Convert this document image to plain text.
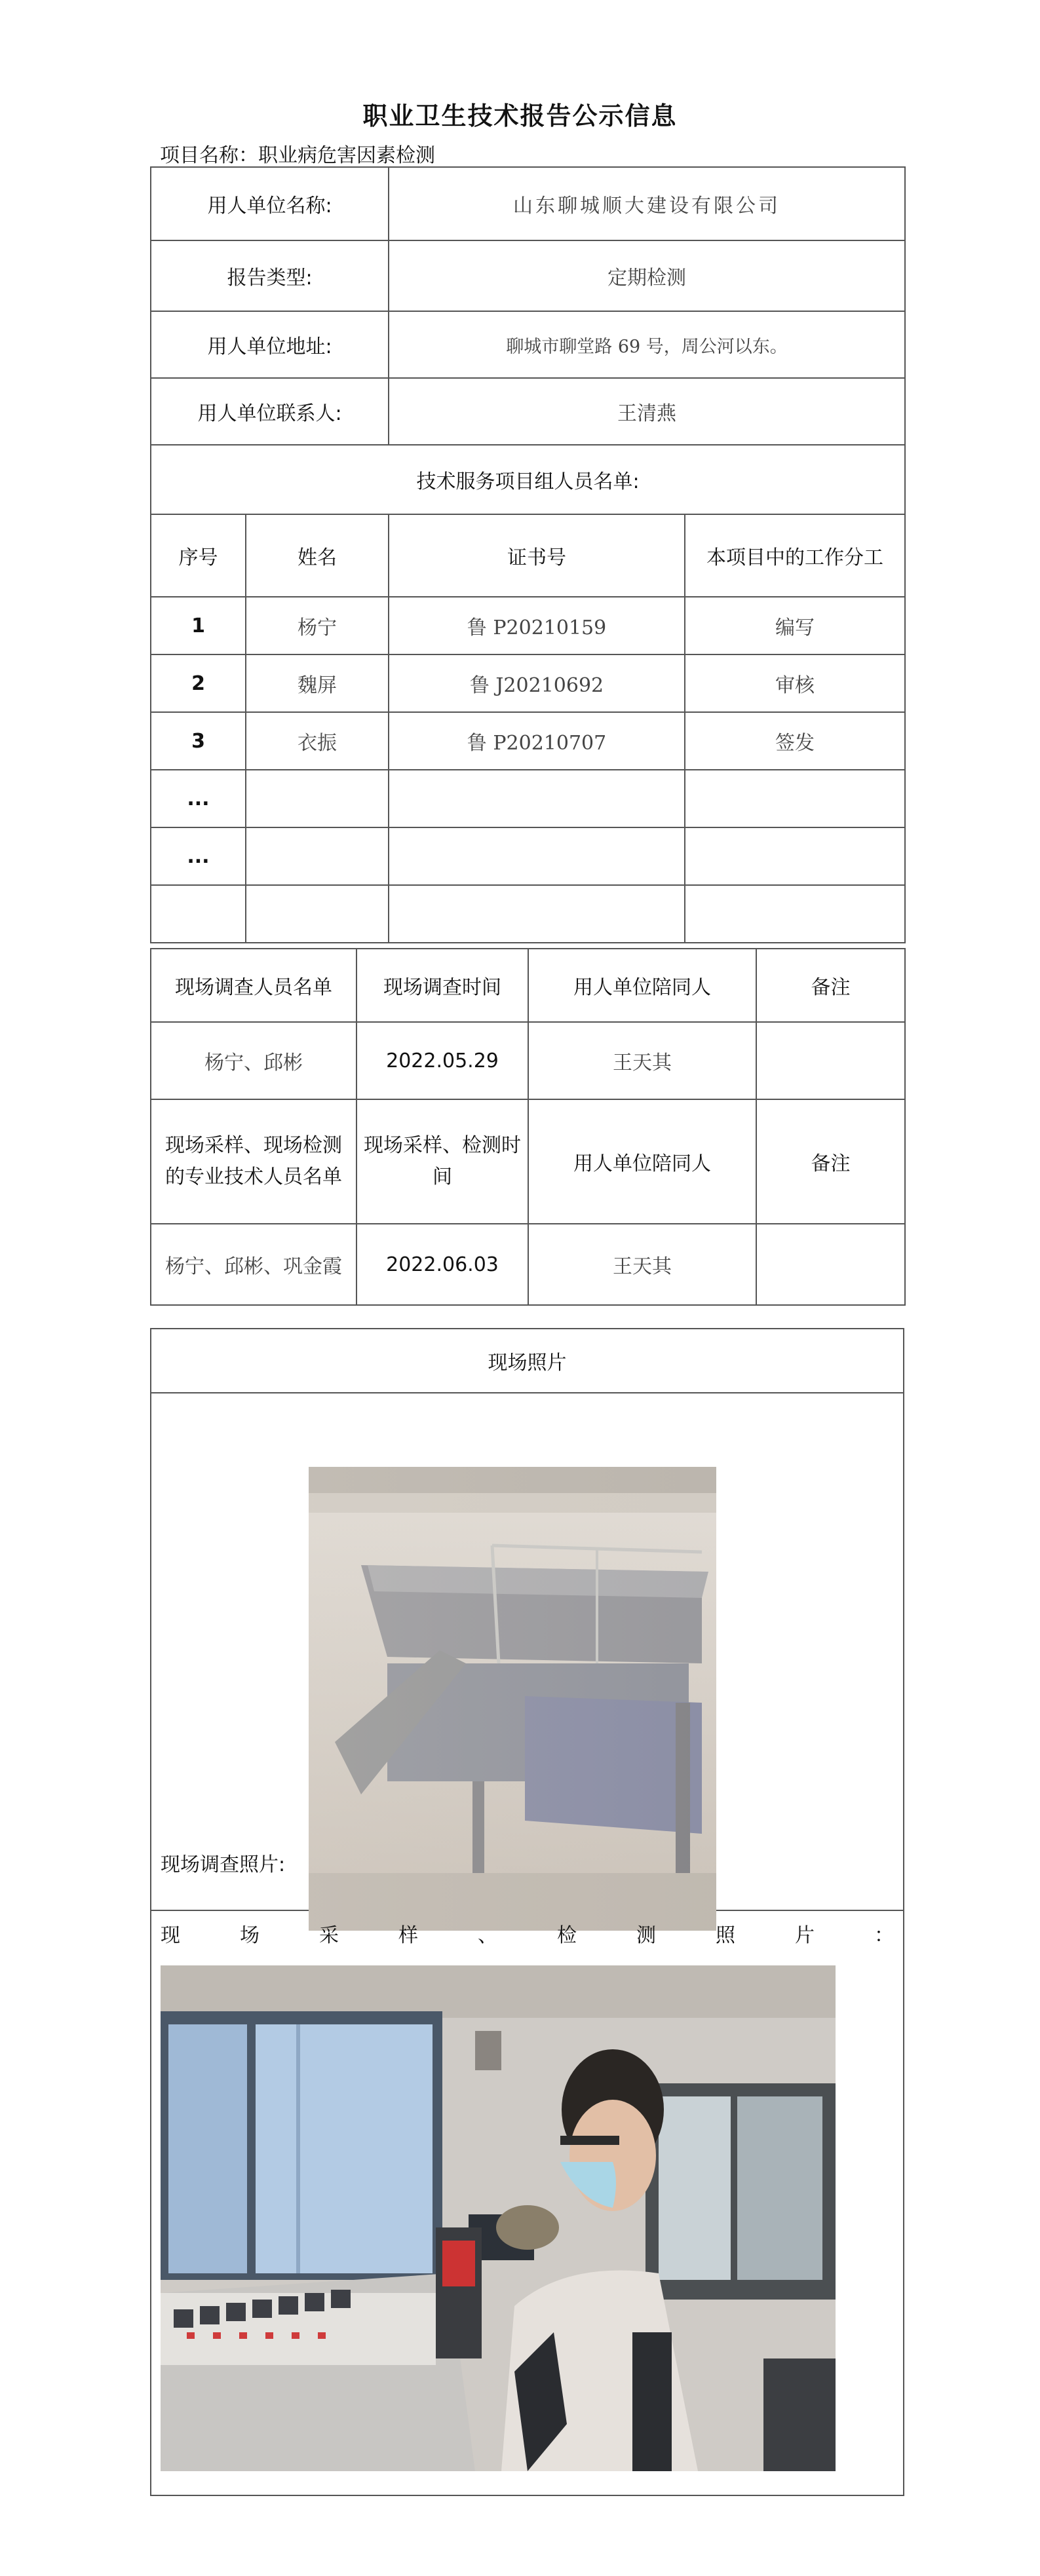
职业卫生技术报告公示信息
项目名称：职业病危害因素检测
用人单位名称:		山东聊城顺大建设有限公司	
报告类型:		定期检测	
用人单位地址:		聊城市聊堂路 69 号，周公河以东。	
用人单位联系人:		王清燕	
技术服务项目组人员名单:			
序号	姓名	证书号	本项目中的工作分工
1	杨宁	鲁 P20210159	编写
2	魏屏	鲁 J20210692	审核
3	衣振	鲁 P20210707	签发
...			
...			

现场调查人员名单	现场调查时间	用人单位陪同人	备注
杨宁、邱彬	2022.05.29	王天其	
现场采样、现场检测的专业技术人员名单	现场采样、检测时间	用人单位陪同人	备注
杨宁、邱彬、巩金霞	2022.06.03	王天其	
现场照片
现场调查照片:
现	场	采	样	、	检	测	照	片	：
